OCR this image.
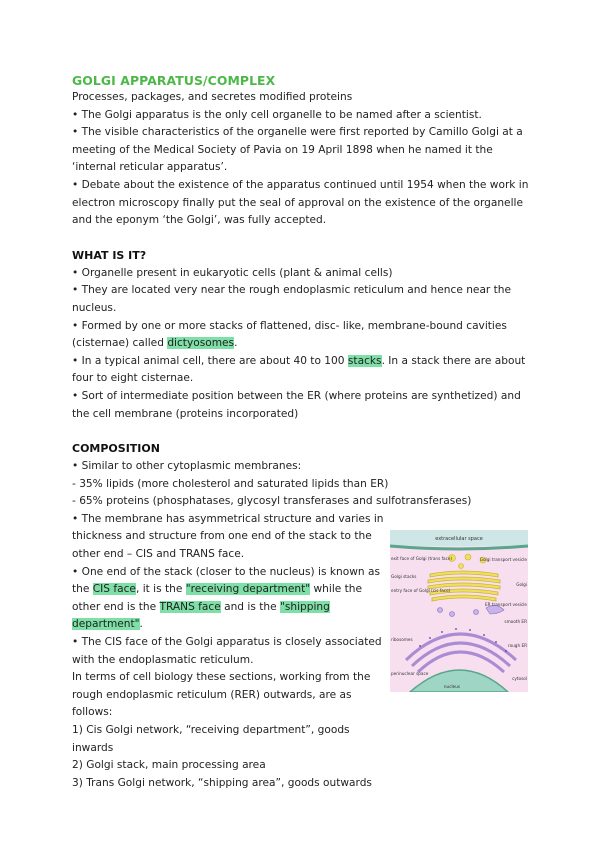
GOLGI APPARATUS/COMPLEX

Processes, packages, and secretes modified proteins

• The Golgi apparatus is the only cell organelle to be named after a scientist.

• The visible characteristics of the organelle were first reported by Camillo Golgi at a meeting of the Medical Society of Pavia on 19 April 1898 when he named it the ‘internal reticular apparatus’.

• Debate about the existence of the apparatus continued until 1954 when the work in electron microscopy finally put the seal of approval on the existence of the organelle and the eponym ‘the Golgi’, was fully accepted.

WHAT IS IT?

• Organelle present in eukaryotic cells (plant & animal cells)

• They are located very near the rough endoplasmic reticulum and hence near the nucleus.

• Formed by one or more stacks of flattened, disc- like, membrane-bound cavities (cisternae) called dictyosomes.

• In a typical animal cell, there are about 40 to 100 stacks. In a stack there are about four to eight cisternae.

• Sort of intermediate position between the ER (where proteins are synthetized) and the cell membrane (proteins incorporated)

COMPOSITION

• Similar to other cytoplasmic membranes:

- 35% lipids (more cholesterol and saturated lipids than ER)

- 65% proteins (phosphatases, glycosyl transferases and sulfotransferases)

• The membrane has asymmetrical structure and varies in thickness and structure from one end of the stack to the other end – CIS and TRANS face.

• One end of the stack (closer to the nucleus) is known as the CIS face, it is the "receiving department" while the other end is the TRANS face and is the "shipping department".

• The CIS face of the Golgi apparatus is closely associated with the endoplasmatic reticulum.

In terms of cell biology these sections, working from the rough endoplasmic reticulum (RER) outwards, are as follows:

1) Cis Golgi network, “receiving department”, goods inwards

2) Golgi stack, main processing area

3) Trans Golgi network, “shipping area”, goods outwards

extracellular space
exit face of Golgi (trans face)
Golgi stacks
entry face of Golgi (cis face)
ribosomes
perinuclear space
nucleus
Golgi transport vesicle
Golgi
ER transport vesicle
smooth ER
rough ER
cytosol
